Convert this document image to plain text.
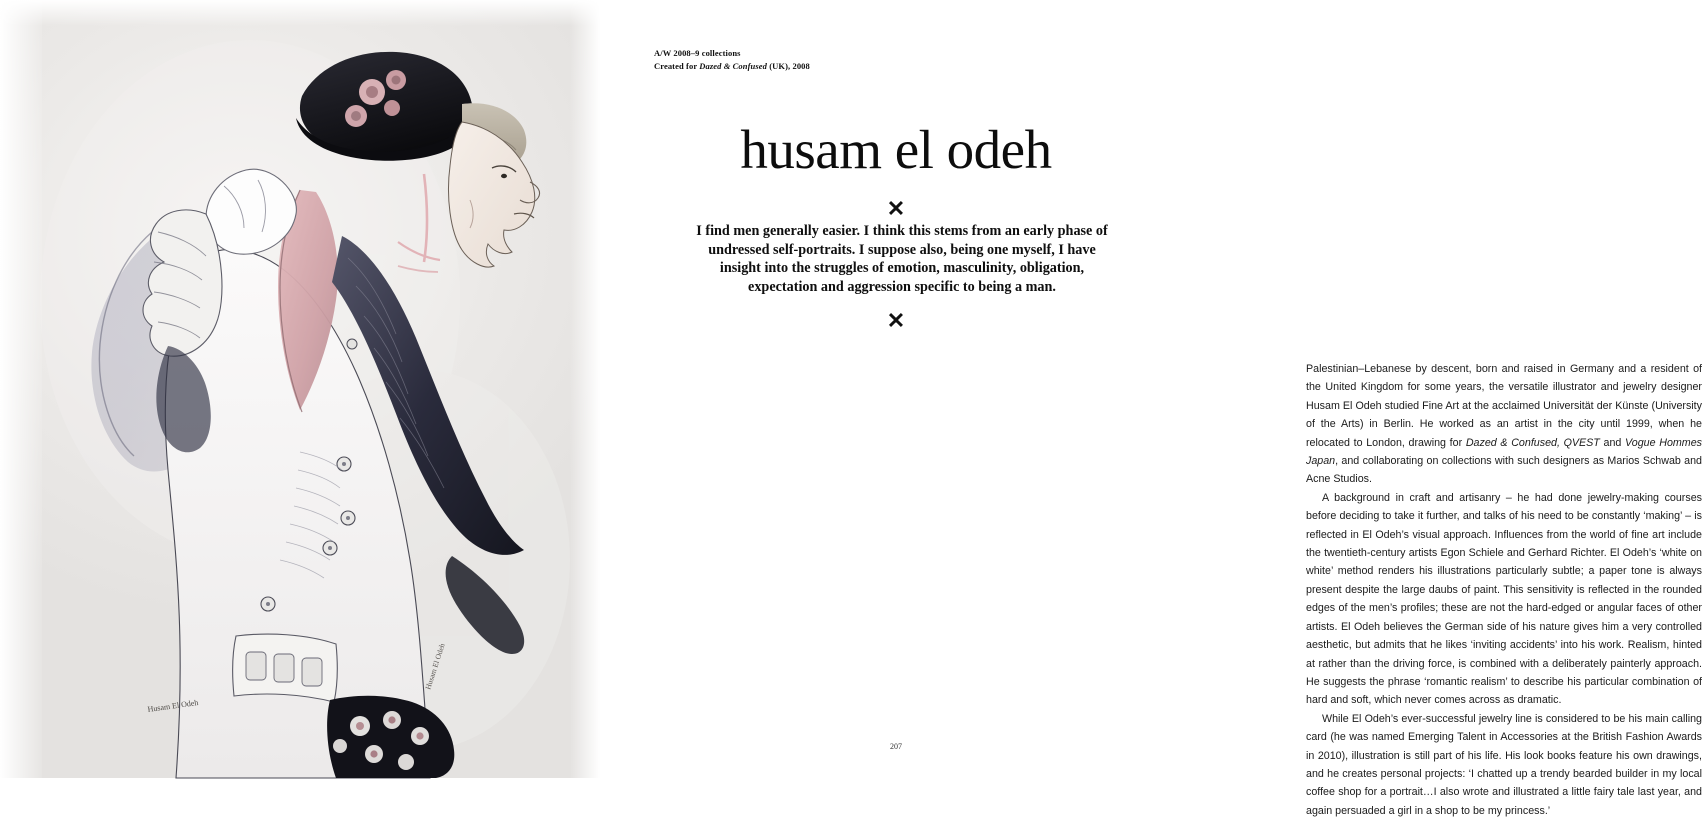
Husam El Odeh
Husam El Odeh
A/W 2008–9 collections
Created for Dazed & Confused (UK), 2008
husam el odeh
✕
I find men generally easier. I think this stems from an early phase of undressed self-portraits. I suppose also, being one myself, I have insight into the struggles of emotion, masculinity, obligation, expectation and aggression specific to being a man.
✕

Palestinian–Lebanese by descent, born and raised in Germany and a resident of the United Kingdom for some years, the versatile illustrator and jewelry designer Husam El Odeh studied Fine Art at the acclaimed Universität der Künste (University of the Arts) in Berlin. He worked as an artist in the city until 1999, when he relocated to London, drawing for Dazed & Confused, QVEST and Vogue Hommes Japan, and collaborating on collections with such designers as Marios Schwab and Acne Studios.

A background in craft and artisanry – he had done jewelry-making courses before deciding to take it further, and talks of his need to be constantly ‘making’ – is reflected in El Odeh’s visual approach. Influences from the world of fine art include the twentieth-century artists Egon Schiele and Gerhard Richter. El Odeh’s ‘white on white’ method renders his illustrations particularly subtle; a paper tone is always present despite the large daubs of paint. This sensitivity is reflected in the rounded edges of the men’s profiles; these are not the hard-edged or angular faces of other artists. El Odeh believes the German side of his nature gives him a very controlled aesthetic, but admits that he likes ‘inviting accidents’ into his work. Realism, hinted at rather than the driving force, is combined with a deliberately painterly approach. He suggests the phrase ‘romantic realism’ to describe his particular combination of hard and soft, which never comes across as dramatic.

While El Odeh’s ever-successful jewelry line is considered to be his main calling card (he was named Emerging Talent in Accessories at the British Fashion Awards in 2010), illustration is still part of his life. His look books feature his own drawings, and he creates personal projects: ‘I chatted up a trendy bearded builder in my local coffee shop for a portrait…I also wrote and illustrated a little fairy tale last year, and again persuaded a girl in a shop to be my princess.’

207
